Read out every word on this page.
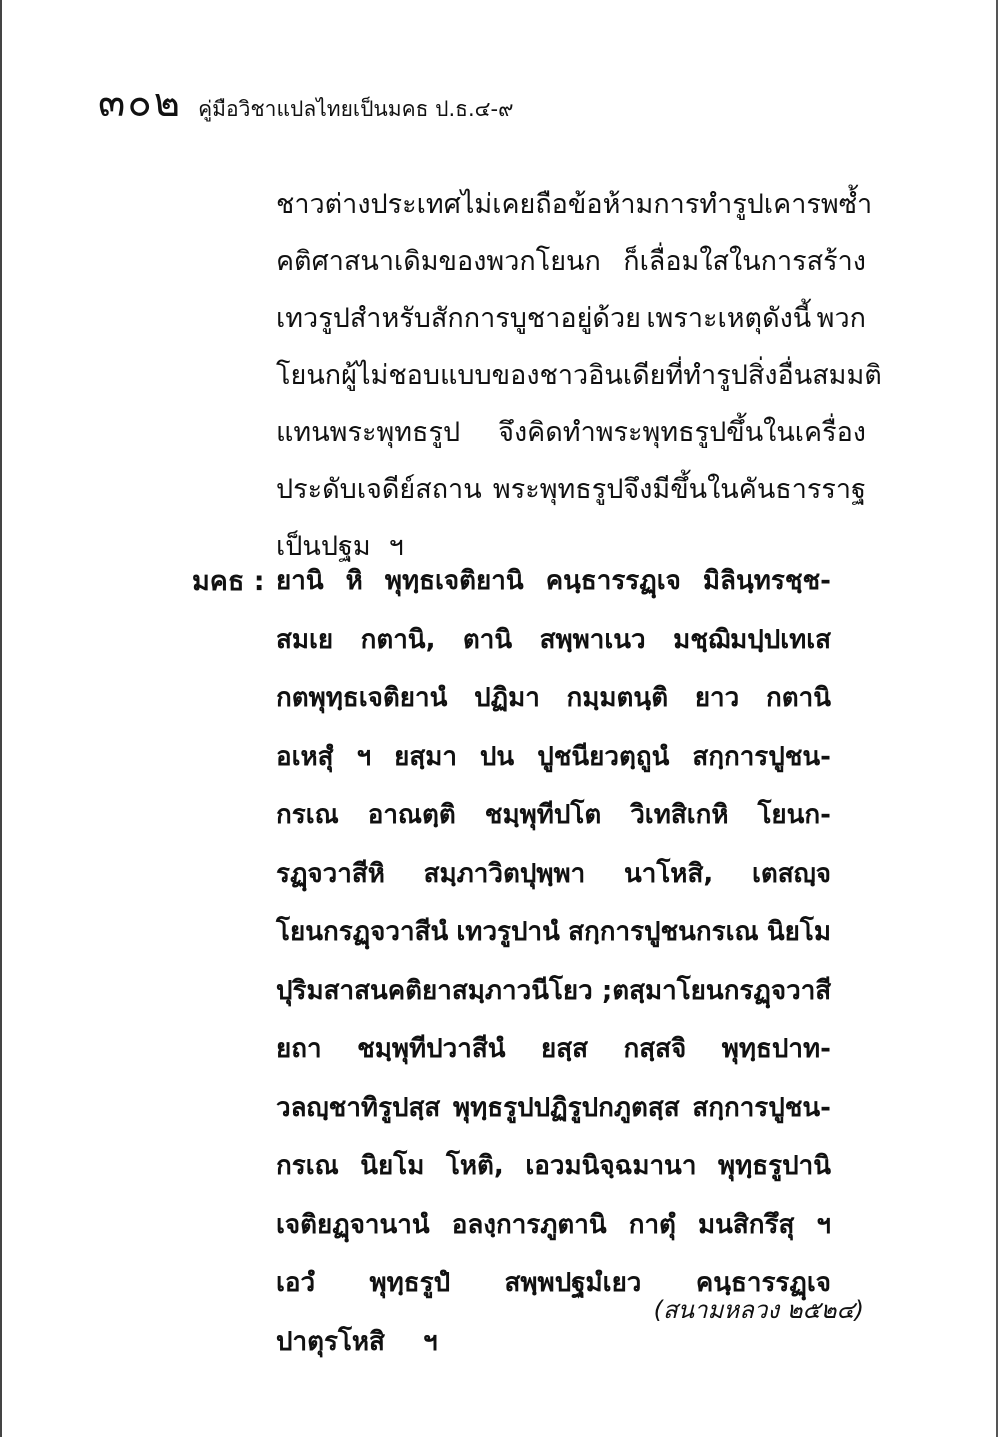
๓๐๒ คู่มือวิชาแปลไทยเป็นมคธ ป.ธ.๔-๙
ชาวต่างประเทศ ไม่เคยถือข้อห้ามการทำรูปเคารพ ซ้ำ
คติศาสนาเดิมของพวกโยนก ก็เลื่อมใสในการสร้าง
เทวรูปสำหรับสักการบูชาอยู่ด้วย เพราะเหตุดังนี้ พวก
โยนกผู้ไม่ชอบแบบของชาวอินเดีย ที่ทำรูปสิ่งอื่นสมมติ
แทนพระพุทธรูป จึงคิดทำพระพุทธรูปขึ้นในเครื่อง
ประดับเจดีย์สถาน พระพุทธรูปจึงมีขึ้นในคันธารราฐ
เป็นปฐม ฯ
มคธ : ยานิ หิ พุทฺธเจติยานิ คนฺธารรฏฺเจ มิลินฺทรชฺช-
สมเย กตานิ, ตานิ สพฺพาเนว มชฺฌิมปฺปเทเส
กตพุทฺธเจติยานํ ปฏิมา กมฺมตนฺติ ยาว กตานิ
อเหสุํ ฯ ยสฺมา ปน ปูชนียวตฺถูนํ สกฺการปูชน-
กรเณ อาณตฺติ ชมฺพุทีปโต วิเทสิเกหิ โยนก-
รฏฺจวาสีหิ สมฺภาวิตปุพฺพา นาโหสิ, เตสญฺจ
โยนกรฏฺจวาสีนํ เทวรูปานํ สกฺการปูชนกรเณ นิยโม
ปุริมสาสนคติยา สมฺภาวนีโยว ; ตสฺมา โยนกรฏฺจวาสี
ยถา ชมฺพุทีปวาสีนํ ยสฺส กสฺสจิ พุทฺธปาท-
วลญฺชาทิรูปสฺส พุทฺธรูปปฏิรูปกภูตสฺส สกฺการปูชน-
กรเณ นิยโม โหติ, เอวมนิจฺฉมานา พุทฺธรูปานิ
เจติยฏฺจานานํ อลงฺการภูตานิ กาตุํ มนสิกรึสุ ฯ
เอวํ พุทฺธรูปํ สพฺพปฐมํเยว คนฺธารรฏฺเจ
ปาตุรโหสิ ฯ
(สนามหลวง ๒๕๒๔)
